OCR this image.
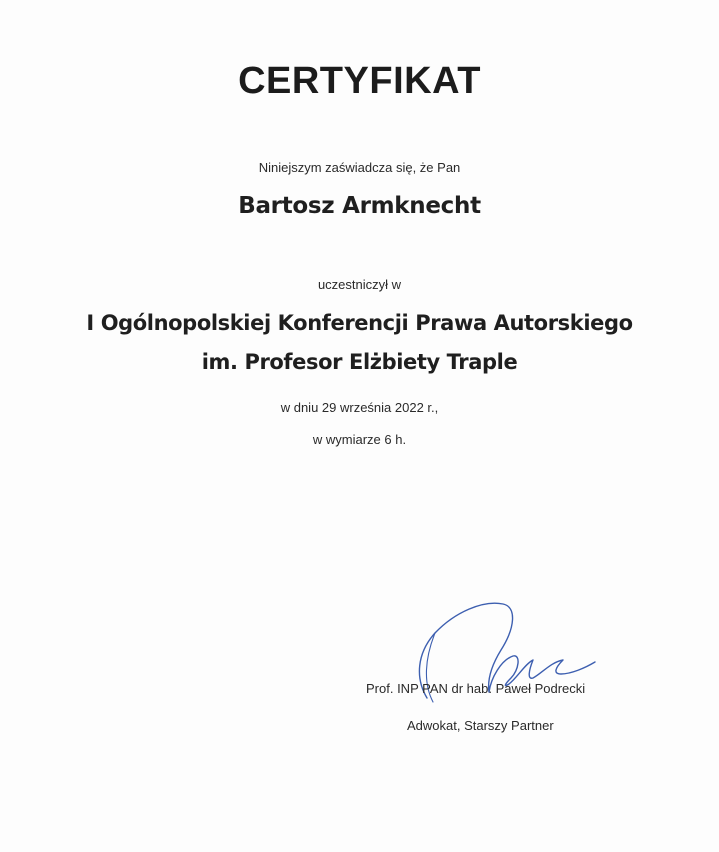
CERTYFIKAT
Niniejszym zaświadcza się, że Pan
Bartosz Armknecht
uczestniczył w
I Ogólnopolskiej Konferencji Prawa Autorskiego
im. Profesor Elżbiety Traple
w dniu 29 września 2022 r.,
w wymiarze 6 h.
Prof. INP PAN dr hab. Paweł Podrecki
Adwokat, Starszy Partner
